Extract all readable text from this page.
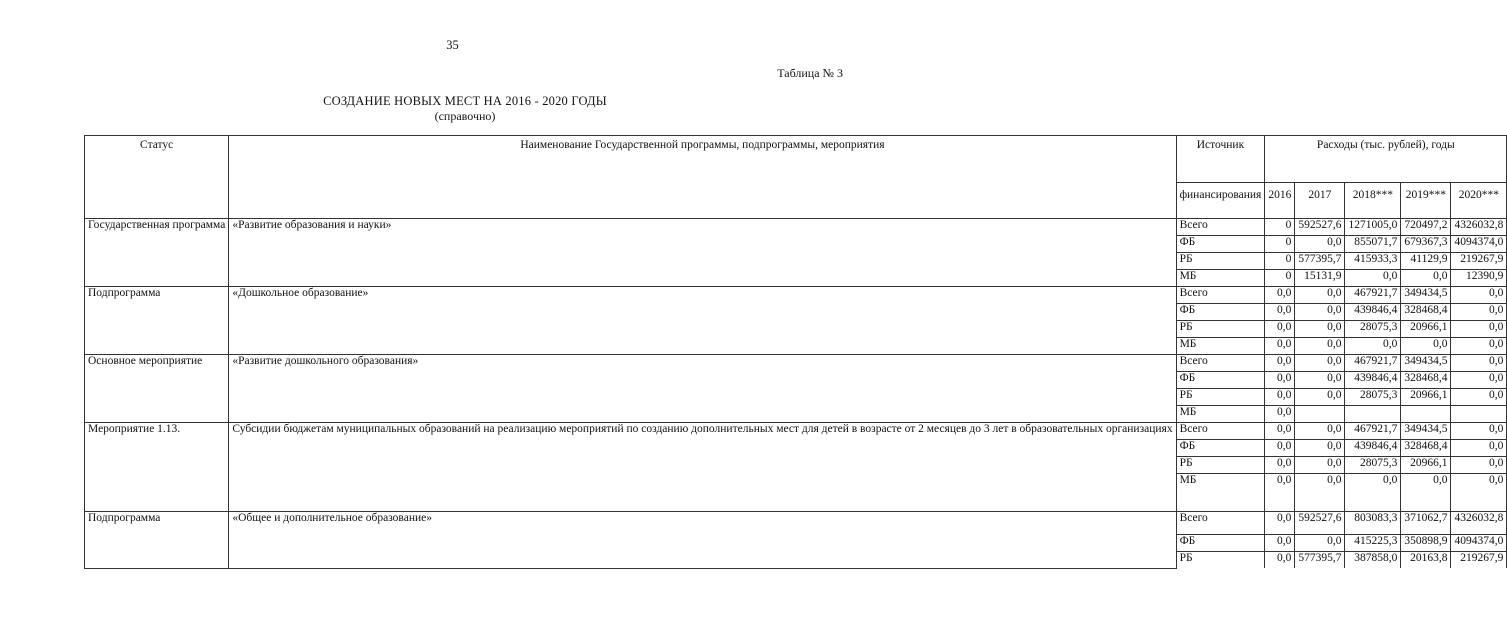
35
Таблица № 3
СОЗДАНИЕ НОВЫХ МЕСТ НА 2016 - 2020 ГОДЫ
(справочно)
Статус	Наименование Государственной программы, подпрограммы, мероприятия	Источник	Расходы (тыс. рублей), годы				
		финансирования	2016	2017	2018***	2019***	2020***
Государственная программа	«Развитие образования и науки»	Всего	0	592527,6	1271005,0	720497,2	4326032,8
		ФБ	0	0,0	855071,7	679367,3	4094374,0
		РБ	0	577395,7	415933,3	41129,9	219267,9
		МБ	0	15131,9	0,0	0,0	12390,9
Подпрограмма	«Дошкольное образование»	Всего	0,0	0,0	467921,7	349434,5	0,0
		ФБ	0,0	0,0	439846,4	328468,4	0,0
		РБ	0,0	0,0	28075,3	20966,1	0,0
		МБ	0,0	0,0	0,0	0,0	0,0
Основное мероприятие	«Развитие дошкольного образования»	Всего	0,0	0,0	467921,7	349434,5	0,0
		ФБ	0,0	0,0	439846,4	328468,4	0,0
		РБ	0,0	0,0	28075,3	20966,1	0,0
		МБ	0,0				
Мероприятие 1.13.	Субсидии бюджетам муниципальных образований на реализацию мероприятий по созданию дополнительных мест для детей в возрасте от 2 месяцев до 3 лет в образовательных организациях	Всего	0,0	0,0	467921,7	349434,5	0,0
		ФБ	0,0	0,0	439846,4	328468,4	0,0
		РБ	0,0	0,0	28075,3	20966,1	0,0
		МБ	0,0	0,0	0,0	0,0	0,0
Подпрограмма	«Общее и дополнительное образование»	Всего	0,0	592527,6	803083,3	371062,7	4326032,8
		ФБ	0,0	0,0	415225,3	350898,9	4094374,0
		РБ	0,0	577395,7	387858,0	20163,8	219267,9
